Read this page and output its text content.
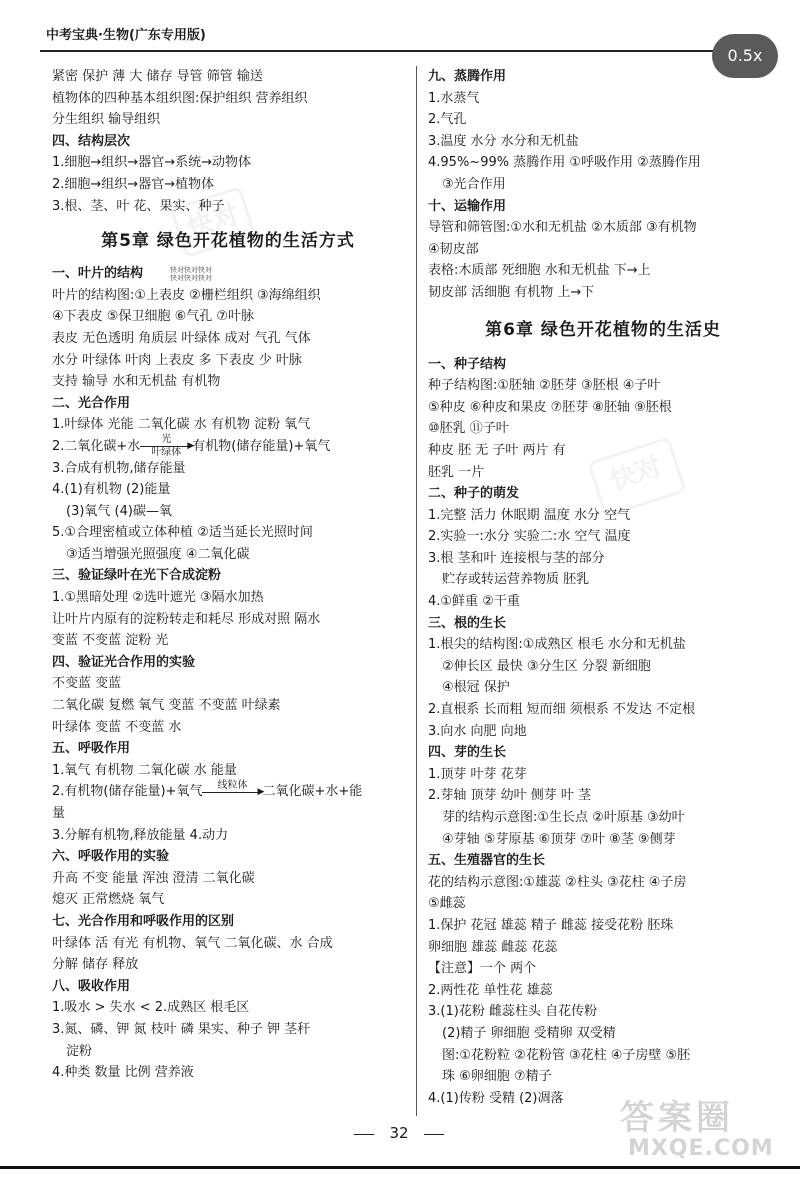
中考宝典·生物(广东专用版)
0.5x
快对
快对
快对快对快对
快对快对快对
紧密 保护 薄 大 储存 导管 筛管 输送
植物体的四种基本组织图:保护组织 营养组织
分生组织 输导组织
四、结构层次
1.细胞→组织→器官→系统→动物体
2.细胞→组织→器官→植物体
3.根、茎、叶 花、果实、种子
第5章 绿色开花植物的生活方式
一、叶片的结构
叶片的结构图:①上表皮 ②栅栏组织 ③海绵组织
④下表皮 ⑤保卫细胞 ⑥气孔 ⑦叶脉
表皮 无色透明 角质层 叶绿体 成对 气孔 气体
水分 叶绿体 叶肉 上表皮 多 下表皮 少 叶脉
支持 输导 水和无机盐 有机物
二、光合作用
1.叶绿体 光能 二氧化碳 水 有机物 淀粉 氧气
2.二氧化碳+水	光
▶
叶绿体 有机物(储存能量)+氧气
3.合成有机物,储存能量
4.(1)有机物 (2)能量
(3)氧气 (4)碳—氧
5.①合理密植或立体种植 ②适当延长光照时间
③适当增强光照强度 ④二氧化碳
三、验证绿叶在光下合成淀粉
1.①黑暗处理 ②选叶遮光 ③隔水加热
让叶片内原有的淀粉转走和耗尽 形成对照 隔水
变蓝 不变蓝 淀粉 光
四、验证光合作用的实验
不变蓝 变蓝
二氧化碳 复燃 氧气 变蓝 不变蓝 叶绿素
叶绿体 变蓝 不变蓝 水
五、呼吸作用
1.氧气 有机物 二氧化碳 水 能量
2.有机物(储存能量)+氧气	线粒体
▶
二氧化碳+水+能
量
3.分解有机物,释放能量 4.动力
六、呼吸作用的实验
升高 不变 能量 浑浊 澄清 二氧化碳
熄灭 正常燃烧 氧气
七、光合作用和呼吸作用的区别
叶绿体 活 有光 有机物、氧气 二氧化碳、水 合成
分解 储存 释放
八、吸收作用
1.吸水 > 失水 < 2.成熟区 根毛区
3.氮、磷、钾 氮 枝叶 磷 果实、种子 钾 茎秆
淀粉
4.种类 数量 比例 营养液
九、蒸腾作用
1.水蒸气
2.气孔
3.温度 水分 水分和无机盐
4.95%~99% 蒸腾作用 ①呼吸作用 ②蒸腾作用
③光合作用
十、运输作用
导管和筛管图:①水和无机盐 ②木质部 ③有机物
④韧皮部
表格:木质部 死细胞 水和无机盐 下→上
韧皮部 活细胞 有机物 上→下
第6章 绿色开花植物的生活史
一、种子结构
种子结构图:①胚轴 ②胚芽 ③胚根 ④子叶
⑤种皮 ⑥种皮和果皮 ⑦胚芽 ⑧胚轴 ⑨胚根
⑩胚乳 ⑪子叶
种皮 胚 无 子叶 两片 有
胚乳 一片
二、种子的萌发
1.完整 活力 休眠期 温度 水分 空气
2.实验一:水分 实验二:水 空气 温度
3.根 茎和叶 连接根与茎的部分
贮存或转运营养物质 胚乳
4.①鲜重 ②干重
三、根的生长
1.根尖的结构图:①成熟区 根毛 水分和无机盐
②伸长区 最快 ③分生区 分裂 新细胞
④根冠 保护
2.直根系 长而粗 短而细 须根系 不发达 不定根
3.向水 向肥 向地
四、芽的生长
1.顶芽 叶芽 花芽
2.芽轴 顶芽 幼叶 侧芽 叶 茎
芽的结构示意图:①生长点 ②叶原基 ③幼叶
④芽轴 ⑤芽原基 ⑥顶芽 ⑦叶 ⑧茎 ⑨侧芽
五、生殖器官的生长
花的结构示意图:①雄蕊 ②柱头 ③花柱 ④子房
⑤雌蕊
1.保护 花冠 雄蕊 精子 雌蕊 接受花粉 胚珠
卵细胞 雄蕊 雌蕊 花蕊
【注意】一个 两个
2.两性花 单性花 雄蕊
3.(1)花粉 雌蕊柱头 自花传粉
(2)精子 卵细胞 受精卵 双受精
图:①花粉粒 ②花粉管 ③花柱 ④子房壁 ⑤胚
珠 ⑥卵细胞 ⑦精子
4.(1)传粉 受精 (2)凋落
32	答案圈
MXQE.COM
